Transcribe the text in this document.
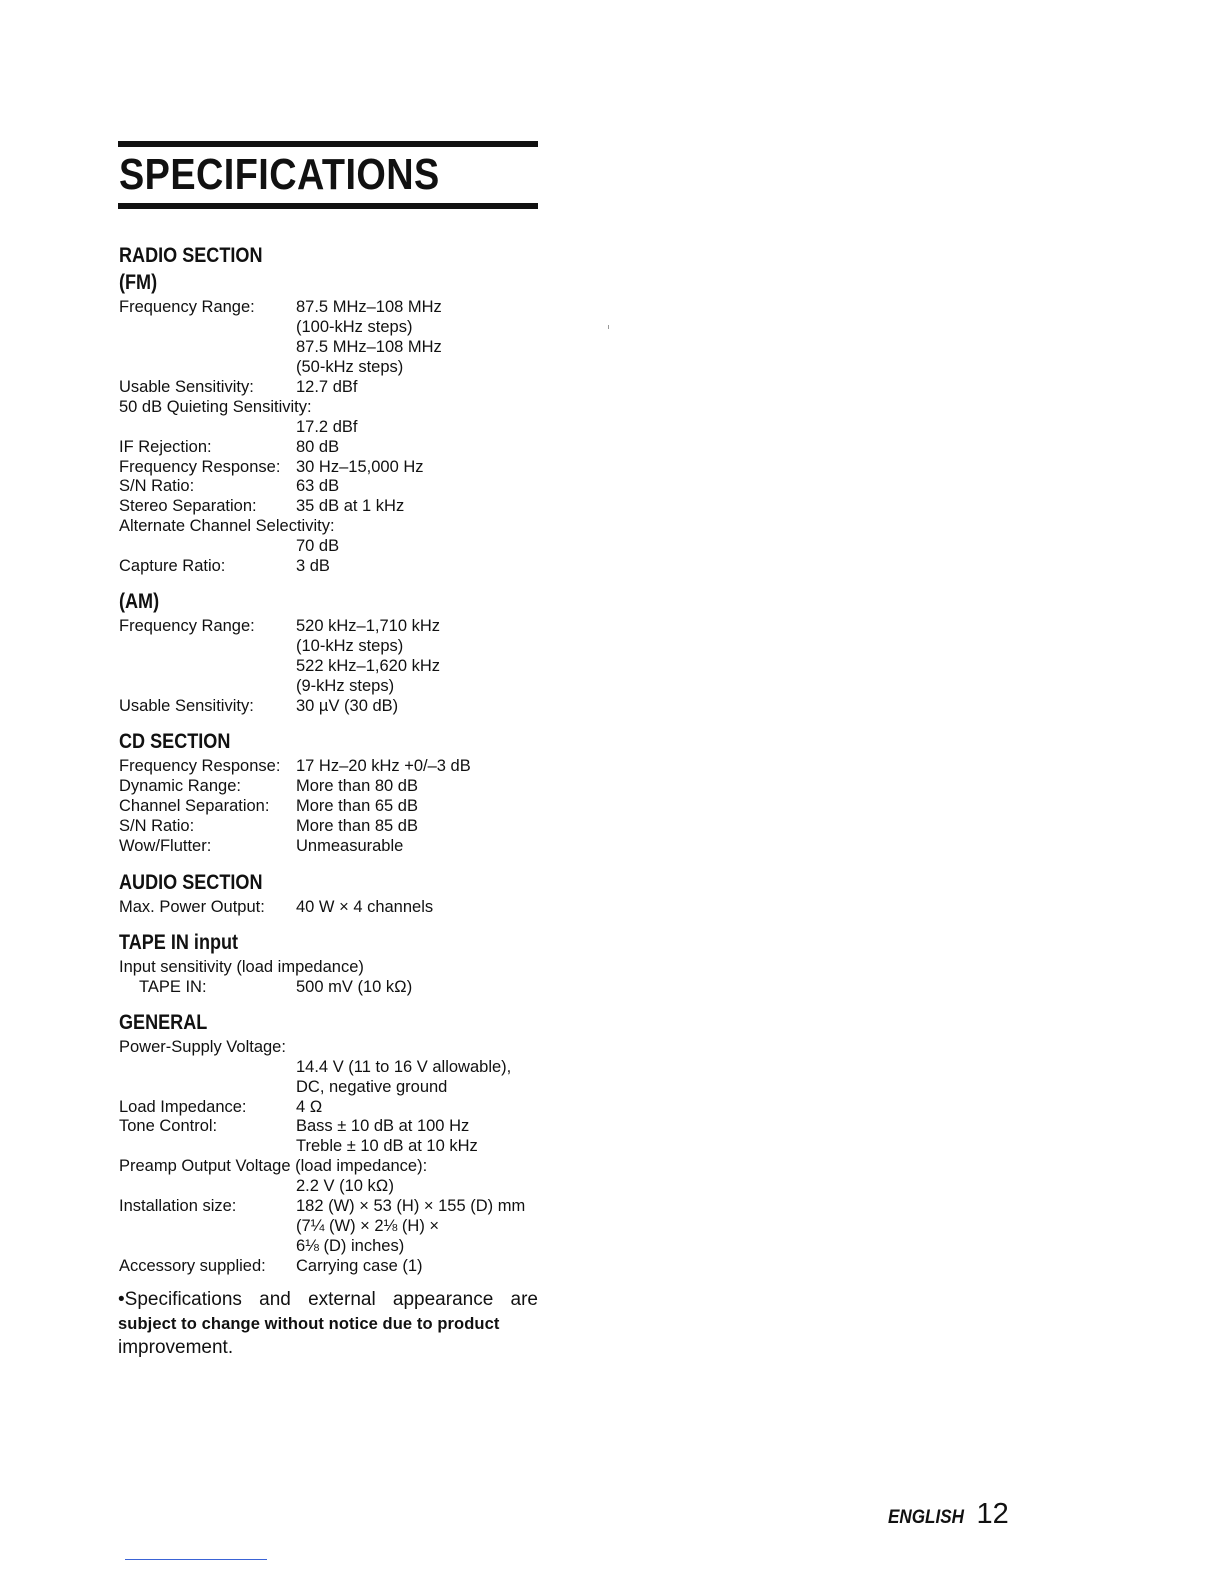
SPECIFICATIONS
RADIO SECTION
(FM)
Frequency Range:	87.5 MHz–108 MHz
(100-kHz steps)
87.5 MHz–108 MHz
(50-kHz steps)
Usable Sensitivity:	12.7 dBf
50 dB Quieting Sensitivity:
17.2 dBf
IF Rejection:	80 dB
Frequency Response: 30 Hz–15,000 Hz
S/N Ratio:	63 dB
Stereo Separation: 35 dB at 1 kHz
Alternate Channel Selectivity:
70 dB
Capture Ratio:	3 dB
(AM)
Frequency Range:	520 kHz–1,710 kHz
(10-kHz steps)
522 kHz–1,620 kHz
(9-kHz steps)
Usable Sensitivity:	30 µV (30 dB)
CD SECTION
Frequency Response: 17 Hz–20 kHz +0/–3 dB
Dynamic Range:	More than 80 dB
Channel Separation: More than 65 dB
S/N Ratio:	More than 85 dB
Wow/Flutter:	Unmeasurable
AUDIO SECTION
Max. Power Output: 40 W × 4 channels
TAPE IN input
Input sensitivity (load impedance)
TAPE IN:	500 mV (10 kΩ)
GENERAL
Power-Supply Voltage:
14.4 V (11 to 16 V allowable),
DC, negative ground
Load Impedance:	4 Ω
Tone Control:	Bass ± 10 dB at 100 Hz
Treble ± 10 dB at 10 kHz
Preamp Output Voltage (load impedance):
2.2 V (10 kΩ)
Installation size:	182 (W) × 53 (H) × 155 (D) mm
(7¼ (W) × 2⅛ (H) ×
6⅛ (D) inches)
Accessory supplied: Carrying case (1)
•Specifications and external appearance are
subject to change without notice due to product
improvement.
ENGLISH 12
